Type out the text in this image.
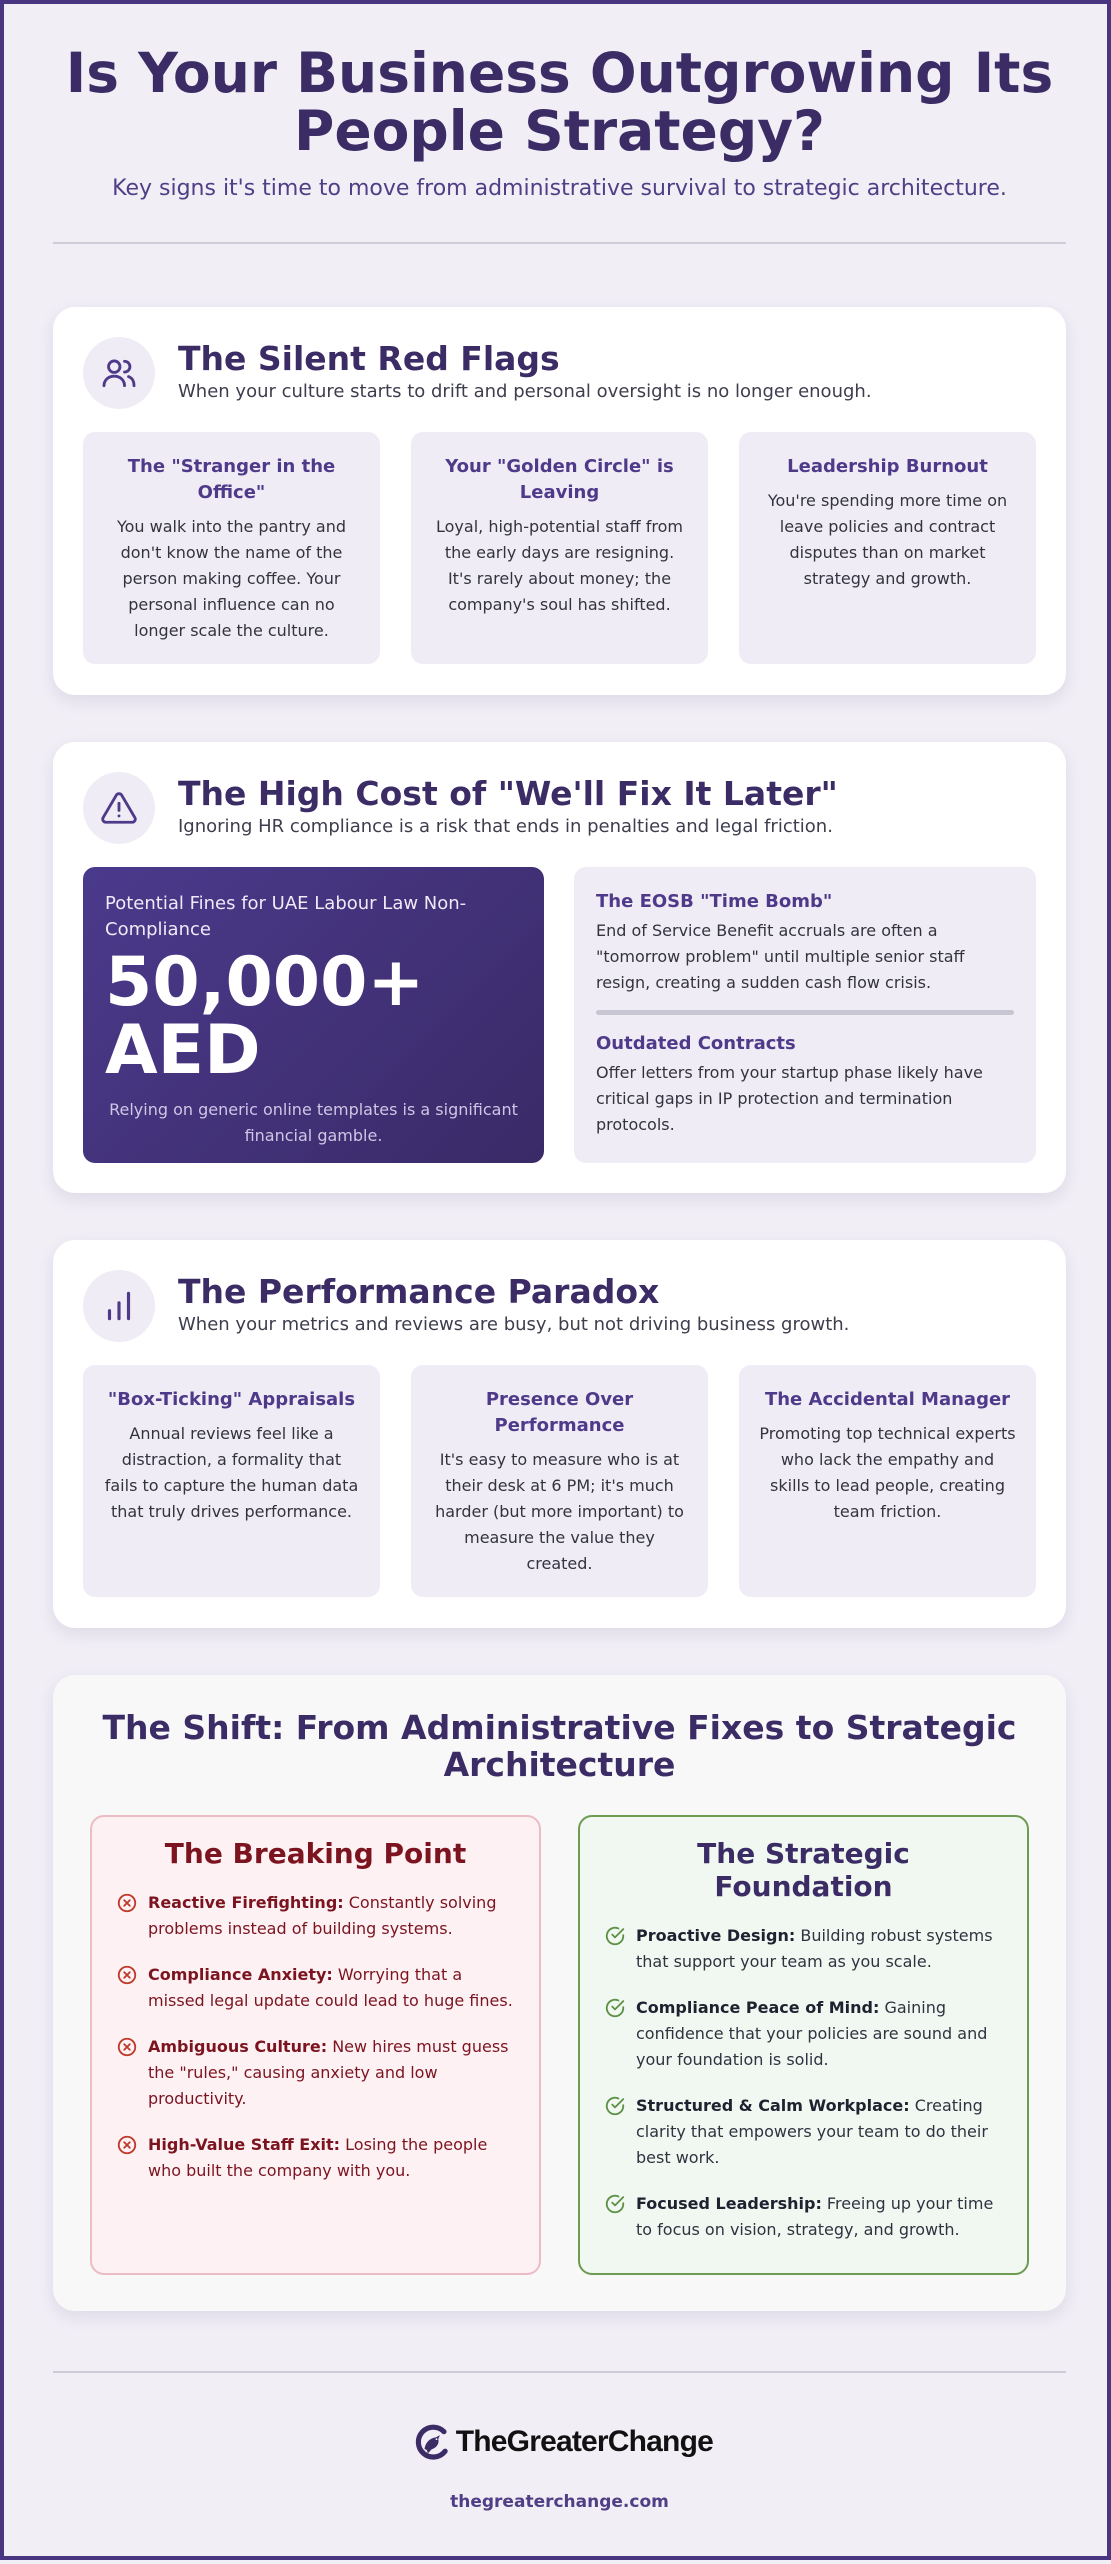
Is Your Business Outgrowing Its
People Strategy?
Key signs it's time to move from administrative survival to strategic architecture.
The Silent Red Flags
When your culture starts to drift and personal oversight is no longer enough.
The "Stranger in the Office"
You walk into the pantry and don't know the name of the person making coffee. Your personal influence can no longer scale the culture.
Your "Golden Circle" is Leaving
Loyal, high-potential staff from the early days are resigning. It's rarely about money; the company's soul has shifted.
Leadership Burnout
You're spending more time on leave policies and contract disputes than on market strategy and growth.
The High Cost of "We'll Fix It Later"
Ignoring HR compliance is a risk that ends in penalties and legal friction.
Potential Fines for UAE Labour Law Non-Compliance
50,000+
AED
Relying on generic online templates is a significant financial gamble.
The EOSB "Time Bomb"
End of Service Benefit accruals are often a "tomorrow problem" until multiple senior staff resign, creating a sudden cash flow crisis.
Outdated Contracts
Offer letters from your startup phase likely have critical gaps in IP protection and termination protocols.
The Performance Paradox
When your metrics and reviews are busy, but not driving business growth.
"Box-Ticking" Appraisals
Annual reviews feel like a distraction, a formality that fails to capture the human data that truly drives performance.
Presence Over Performance
It's easy to measure who is at their desk at 6 PM; it's much harder (but more important) to measure the value they created.
The Accidental Manager
Promoting top technical experts who lack the empathy and skills to lead people, creating team friction.
The Shift: From Administrative Fixes to Strategic
Architecture
The Breaking Point
Reactive Firefighting: Constantly solving problems instead of building systems.
Compliance Anxiety: Worrying that a missed legal update could lead to huge fines.
Ambiguous Culture: New hires must guess the "rules," causing anxiety and low productivity.
High-Value Staff Exit: Losing the people who built the company with you.
The Strategic Foundation
Proactive Design: Building robust systems that support your team as you scale.
Compliance Peace of Mind: Gaining confidence that your policies are sound and your foundation is solid.
Structured & Calm Workplace: Creating clarity that empowers your team to do their best work.
Focused Leadership: Freeing up your time to focus on vision, strategy, and growth.
TheGreaterChange
thegreaterchange.com
